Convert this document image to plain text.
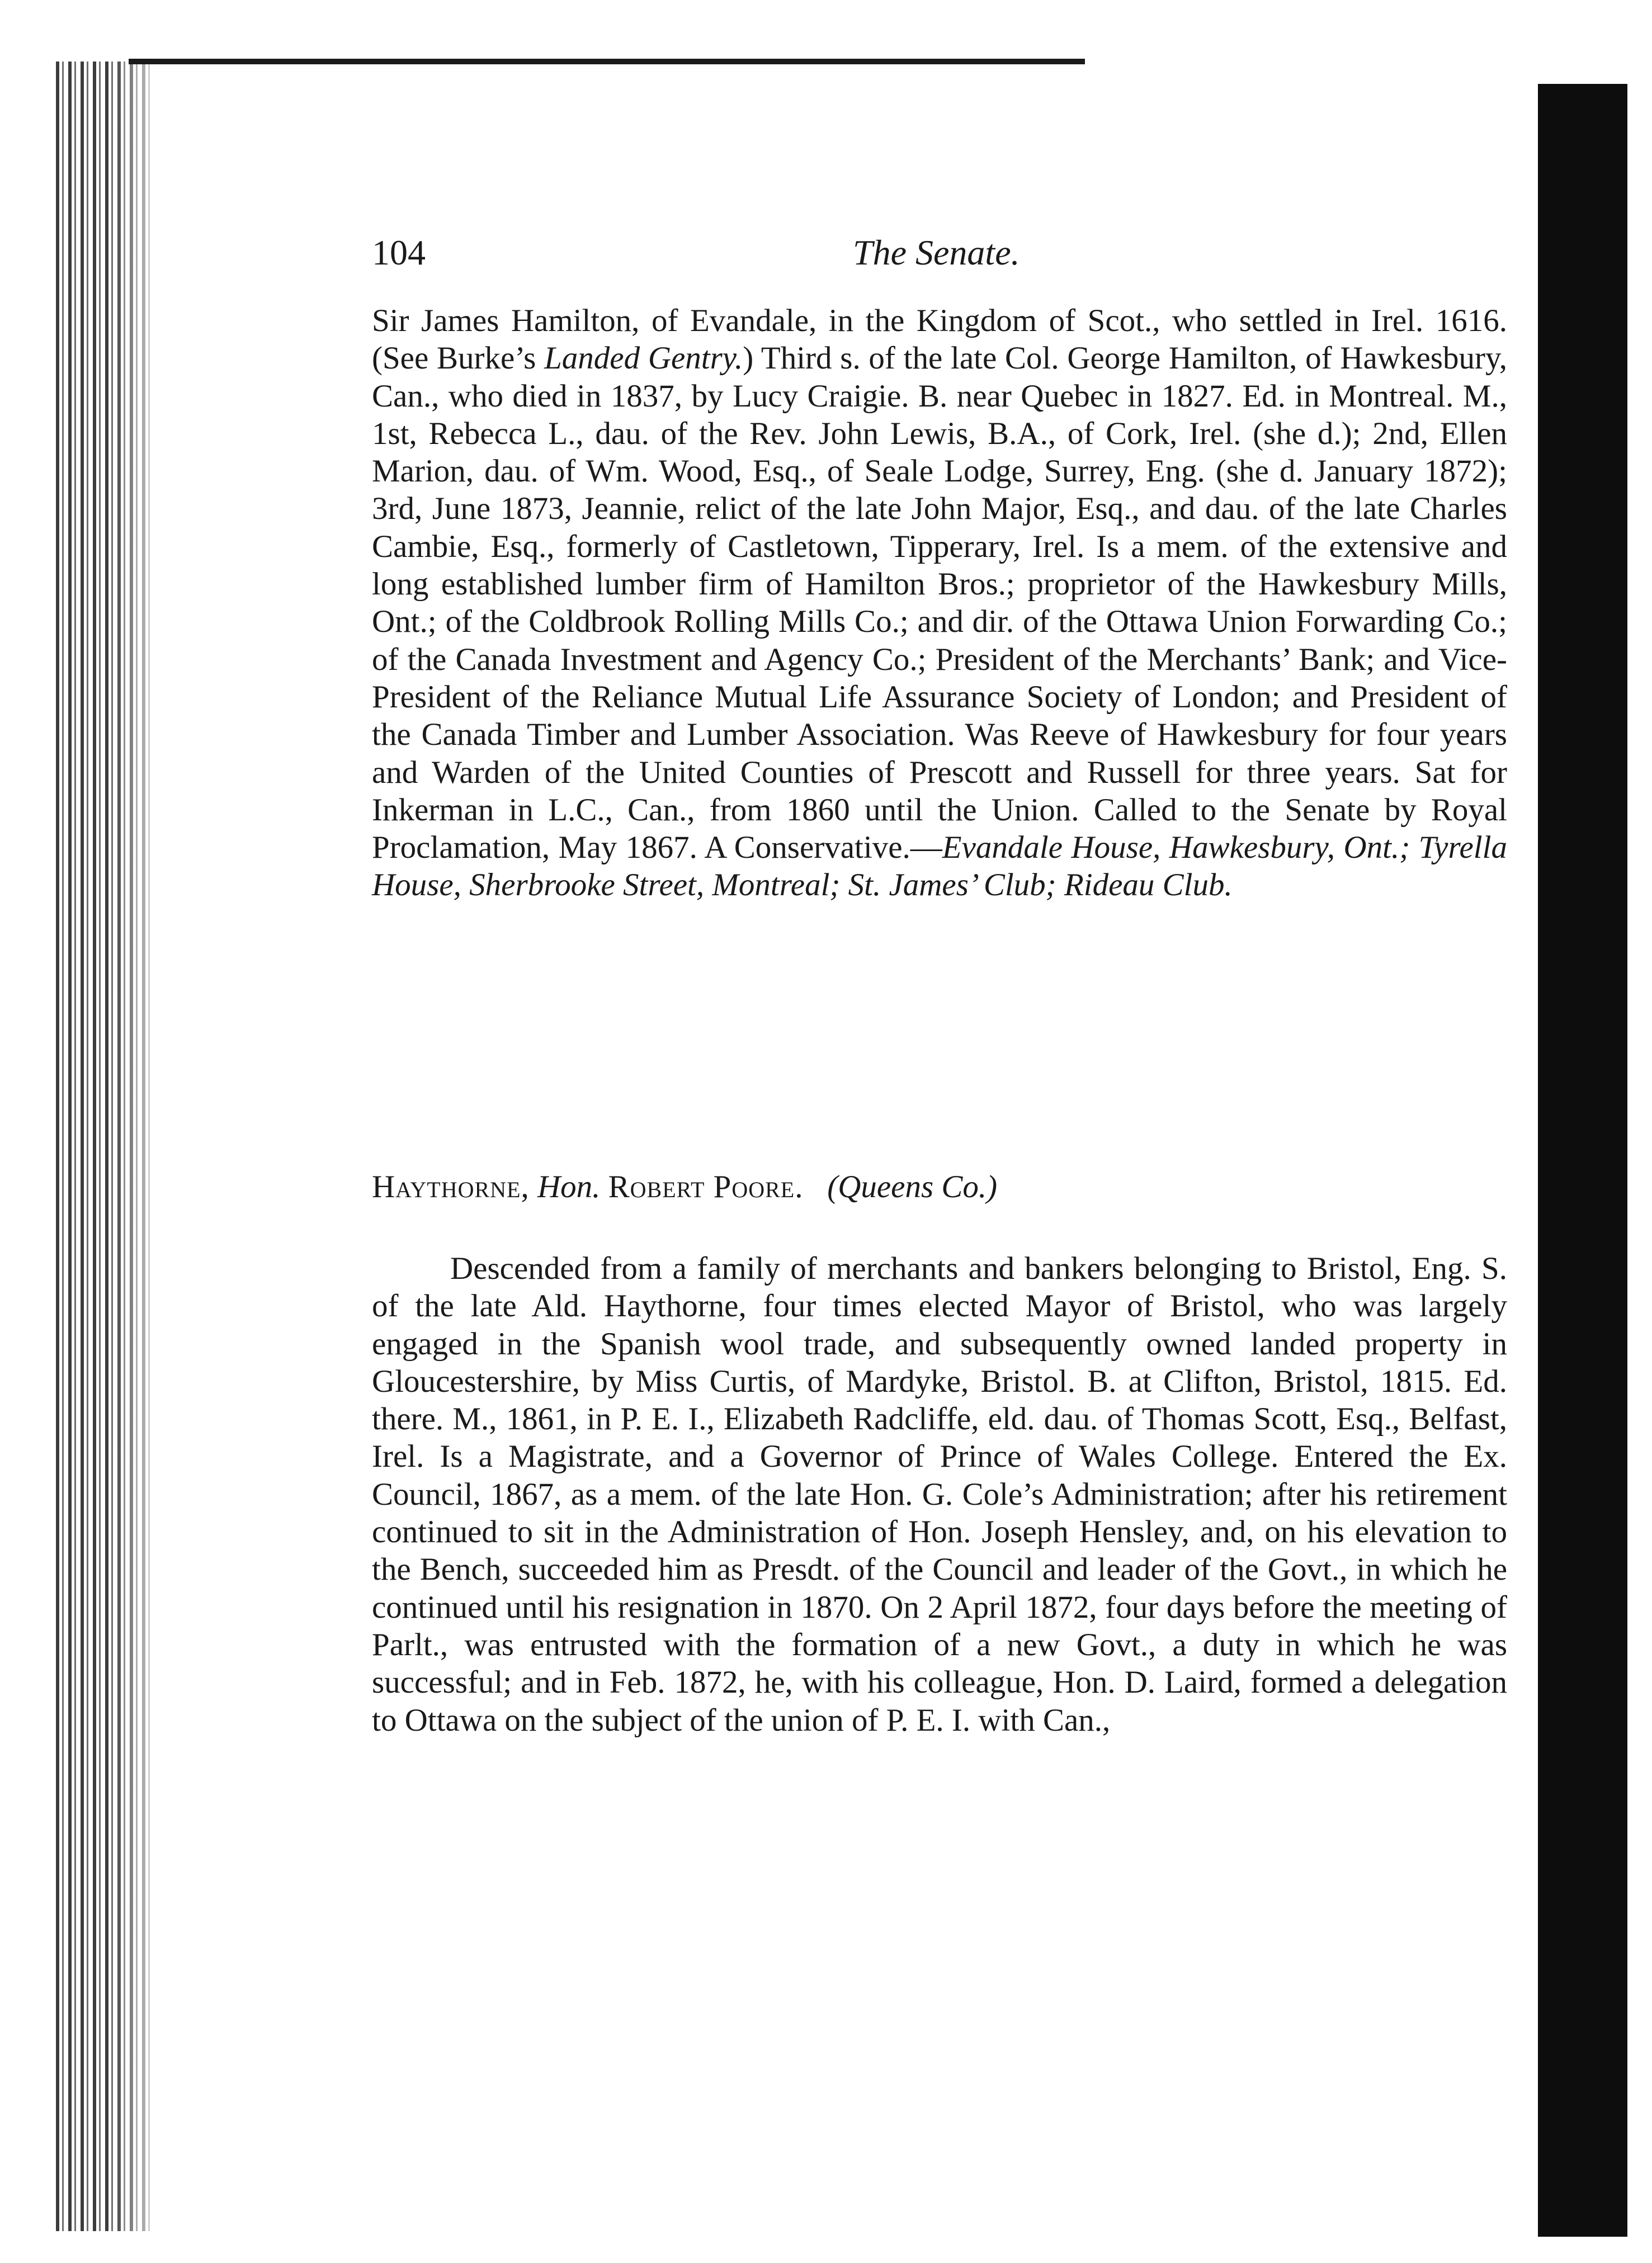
104	The Senate.

Sir James Hamilton, of Evandale, in the Kingdom of Scot., who settled in Irel. 1616. (See Burke’s Landed Gentry.) Third s. of the late Col. George Hamilton, of Hawkesbury, Can., who died in 1837, by Lucy Craigie. B. near Quebec in 1827. Ed. in Montreal. M., 1st, Rebecca L., dau. of the Rev. John Lewis, B.A., of Cork, Irel. (she d.); 2nd, Ellen Marion, dau. of Wm. Wood, Esq., of Seale Lodge, Surrey, Eng. (she d. January 1872); 3rd, June 1873, Jeannie, relict of the late John Major, Esq., and dau. of the late Charles Cambie, Esq., formerly of Castletown, Tipperary, Irel. Is a mem. of the extensive and long established lumber firm of Hamilton Bros.; proprietor of the Hawkesbury Mills, Ont.; of the Coldbrook Rolling Mills Co.; and dir. of the Ottawa Union Forwarding Co.; of the Canada Investment and Agency Co.; President of the Merchants’ Bank; and Vice-President of the Reliance Mutual Life Assurance Society of London; and President of the Canada Timber and Lumber Association. Was Reeve of Hawkesbury for four years and Warden of the United Counties of Prescott and Russell for three years. Sat for Inkerman in L.C., Can., from 1860 until the Union. Called to the Senate by Royal Proclamation, May 1867. A Conservative.—Evandale House, Hawkesbury, Ont.; Tyrella House, Sherbrooke Street, Montreal; St. James’ Club; Rideau Club.

Haythorne, Hon. Robert Poore. (Queens Co.)

Descended from a family of merchants and bankers belonging to Bristol, Eng. S. of the late Ald. Haythorne, four times elected Mayor of Bristol, who was largely engaged in the Spanish wool trade, and subsequently owned landed property in Gloucestershire, by Miss Curtis, of Mardyke, Bristol. B. at Clifton, Bristol, 1815. Ed. there. M., 1861, in P. E. I., Elizabeth Radcliffe, eld. dau. of Thomas Scott, Esq., Belfast, Irel. Is a Magistrate, and a Governor of Prince of Wales College. Entered the Ex. Council, 1867, as a mem. of the late Hon. G. Cole’s Administration; after his retirement continued to sit in the Administration of Hon. Joseph Hensley, and, on his elevation to the Bench, succeeded him as Presdt. of the Council and leader of the Govt., in which he continued until his resignation in 1870. On 2 April 1872, four days before the meeting of Parlt., was entrusted with the formation of a new Govt., a duty in which he was successful; and in Feb. 1872, he, with his colleague, Hon. D. Laird, formed a delegation to Ottawa on the subject of the union of P. E. I. with Can.,
